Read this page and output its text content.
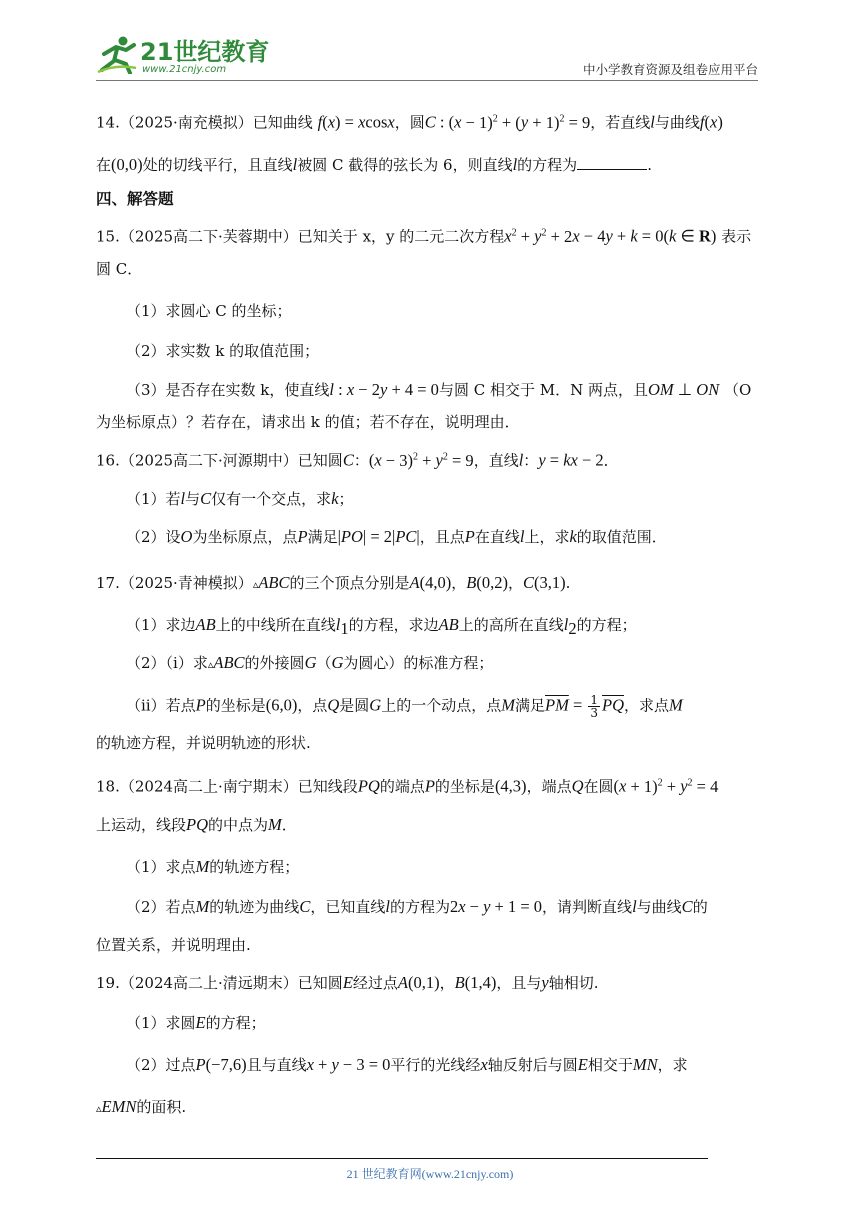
21世纪教育
www.21cnjy.com	中小学教育资源及组卷应用平台
14.（2025·南充模拟）已知曲线 f(x) = xcosx，圆C : $(x - 1)^2 + (y + 1)^2 = 9$，若直线l与曲线f(x)
在(0,0)处的切线平行，且直线l被圆 C 截得的弦长为 6，则直线l的方程为	.
四、解答题
15.（2025高二下·芙蓉期中）已知关于 x，y 的二元二次方程$x^2 + y^2 + 2x - 4y + k = 0(k$ ∈ R) 表示
圆 C．
（1）求圆心 C 的坐标；
（2）求实数 k 的取值范围；
（3）是否存在实数 k，使直线l : x − 2y + 4 = 0与圆 C 相交于 M．N 两点，且OM ⊥ ON （O
为坐标原点）？若存在，请求出 k 的值；若不存在，说明理由．
16.（2025高二下·河源期中）已知圆C：$(x - 3)^2 + y^2 = 9$，直线l：y = kx − 2．
（1）若l与C仅有一个交点，求k；
（2）设O为坐标原点，点P满足|PO| = 2|PC|，且点P在直线l上，求k的取值范围．
17.（2025·青神模拟）▵ABC的三个顶点分别是A(4,0)，B(0,2)，C(3,1).
（1）求边AB上的中线所在直线$l_1$的方程，求边AB上的高所在直线$l_2$的方程；
（2）（ⅰ）求▵ABC的外接圆G（G为圆心）的标准方程；
（ⅱ）若点P的坐标是(6,0)，点Q是圆G上的一个动点，点M满足$\overline{PM} = \frac{1}{3} \overline{PQ}$，求点M
的轨迹方程，并说明轨迹的形状.
18.（2024高二上·南宁期末）已知线段PQ的端点P的坐标是(4,3)，端点Q在圆$(x + 1)^2 + y^2 = 4$
上运动，线段PQ的中点为M．
（1）求点M的轨迹方程；
（2）若点M的轨迹为曲线C，已知直线l的方程为2x − y + 1 = 0，请判断直线l与曲线C的
位置关系，并说明理由.
19.（2024高二上·清远期末）已知圆E经过点A(0,1)，B(1,4)，且与y轴相切.
（1）求圆E的方程；
（2）过点P(−7,6)且与直线x + y − 3 = 0平行的光线经x轴反射后与圆E相交于MN，求
▵EMN的面积.
21 世纪教育网(www.21cnjy.com)
